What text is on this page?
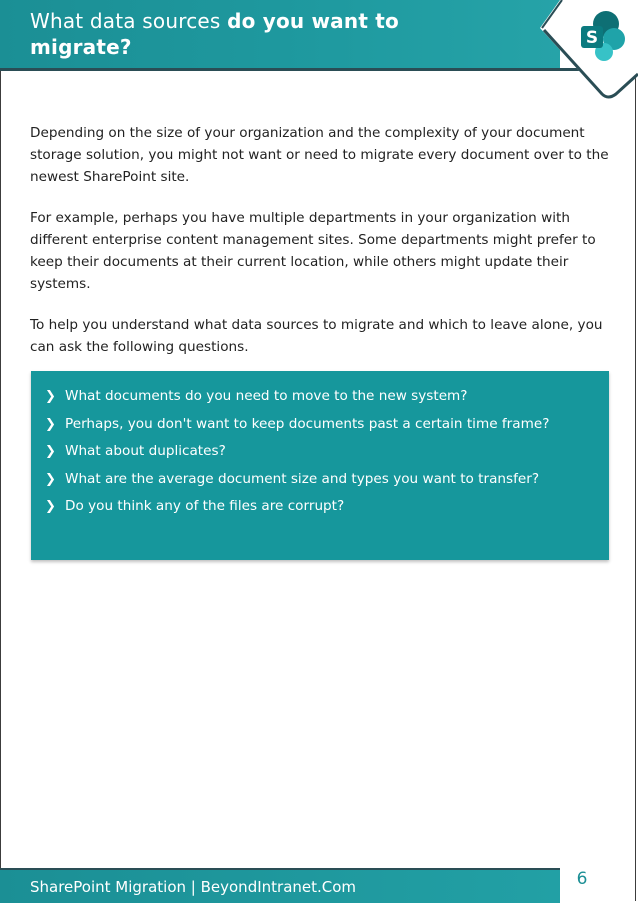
What data sources do you want to migrate?	S
Depending on the size of your organization and the complexity of your document storage solution, you might not want or need to migrate every document over to the newest SharePoint site.
For example, perhaps you have multiple departments in your organization with different enterprise content management sites. Some departments might prefer to keep their documents at their current location, while others might update their systems.
To help you understand what data sources to migrate and which to leave alone, you can ask the following questions.
❯ What documents do you need to move to the new system?
❯ Perhaps, you don't want to keep documents past a certain time frame?
❯ What about duplicates?
❯ What are the average document size and types you want to transfer?
❯ Do you think any of the files are corrupt?
SharePoint Migration | BeyondIntranet.Com	6
